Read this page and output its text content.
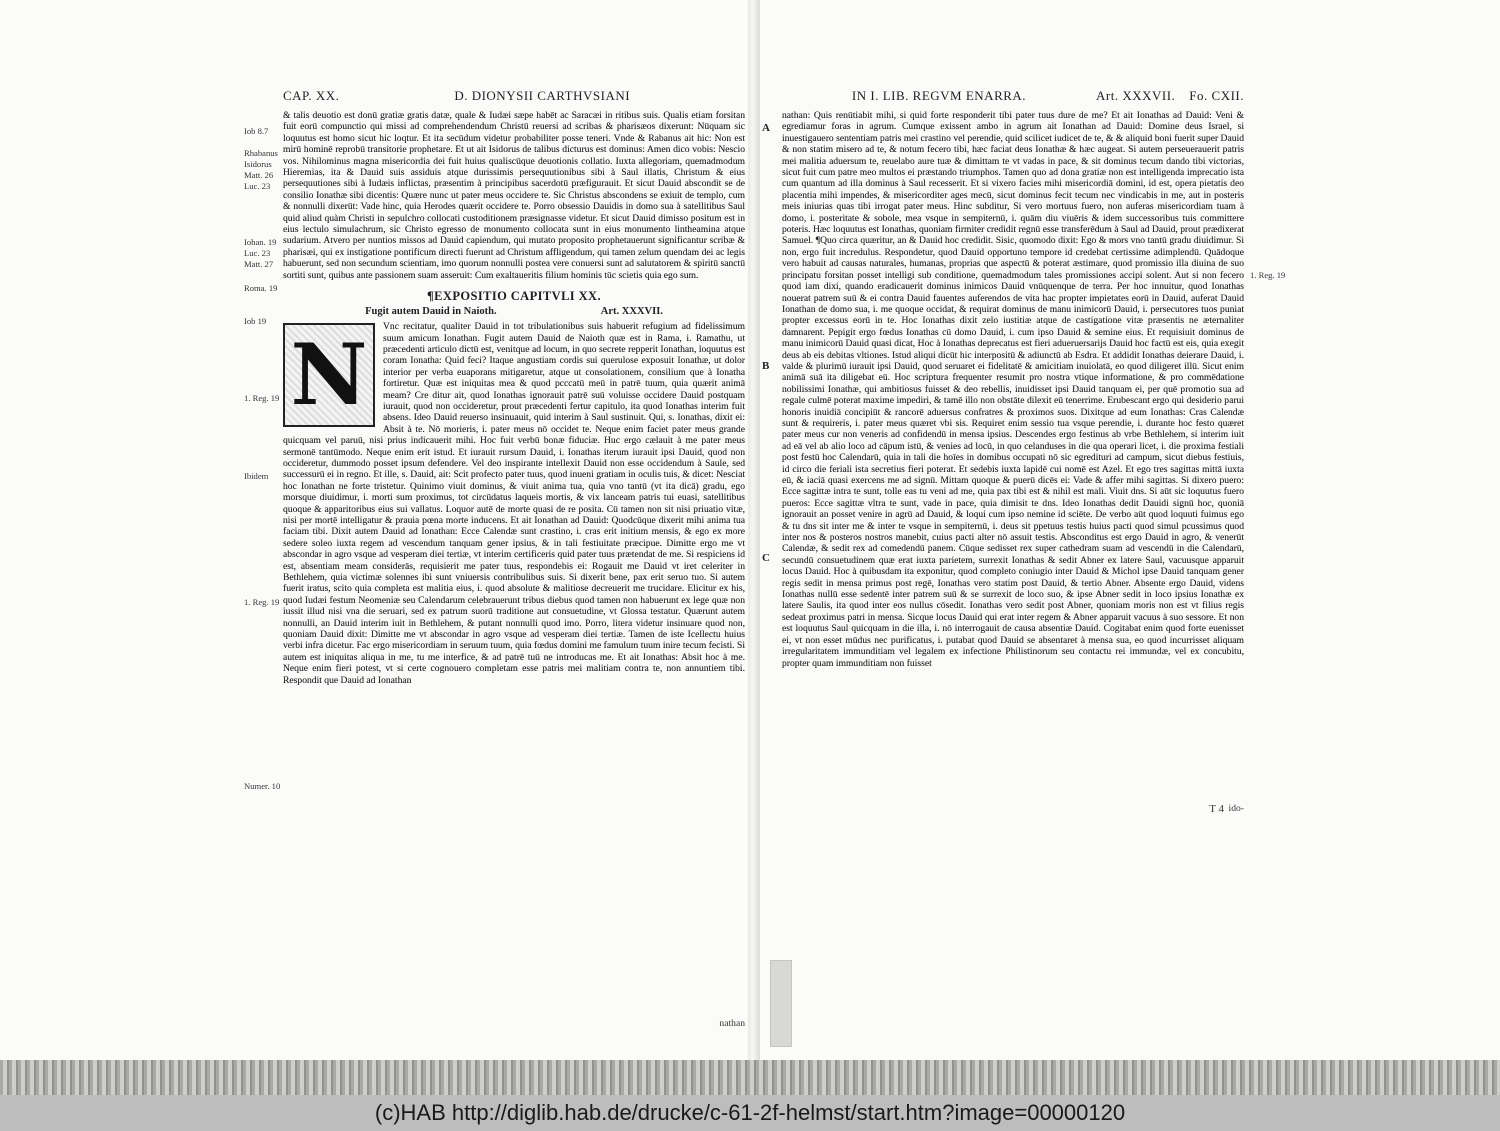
CAP. XX.	D. DIONYSII CARTHVSIANI

& talis deuotio est donū gratiæ gratis datæ, quale & Iudæi sæpe habēt ac Saracæi in ritibus suis. Qualis etiam forsitan fuit eorū compunctio qui missi ad comprehendendum Christū reuersi ad scribas & pharisæos dixerunt: Nūquam sic loquutus est homo sicut hic loqtur. Et ita secūdum videtur probabiliter posse teneri. Vnde & Rabanus ait hic: Non est mirū hominē reprobū transitorie prophetare. Et ut ait Isidorus de talibus dicturus est dominus: Amen dico vobis: Nescio vos. Nihilominus magna misericordia dei fuit huius qualiscūque deuotionis collatio. Iuxta allegoriam, quemadmodum Hieremias, ita & Dauid suis assiduis atque durissimis persequutionibus sibi à Saul illatis, Christum & eius persequutiones sibi à Iudæis inflictas, præsentim à principibus sacerdotū præfigurauit. Et sicut Dauid abscondit se de consilio Ionathæ sibi dicentis: Quære nunc ut pater meus occidere te. Sic Christus abscondens se exiuit de templo, cum & nonnulli dixerūt: Vade hinc, quia Herodes quærit occidere te. Porro obsessio Dauidis in domo sua à satellitibus Saul quid aliud quàm Christi in sepulchro collocati custoditionem præsignasse videtur. Et sicut Dauid dimisso positum est in eius lectulo simulachrum, sic Christo egresso de monumento collocata sunt in eius monumento lintheamina atque sudarium. Atvero per nuntios missos ad Dauid capiendum, qui mutato proposito prophetauerunt significantur scribæ & pharisæi, qui ex instigatione pontificum directi fuerunt ad Christum affligendum, qui tamen zelum quendam dei ac legis habuerunt, sed non secundum scientiam, imo quorum nonnulli postea vere conuersi sunt ad salutatorem & spiritū sanctū sortiti sunt, quibus ante passionem suam asseruit: Cum exaltaueritis filium hominis tūc scietis quia ego sum.

¶EXPOSITIO CAPITVLI XX.
Fugit autem Dauid in Naioth.	Art. XXXVII.
N	Vnc recitatur, qualiter Dauid in tot tribulationibus suis habuerit refugium ad fidelissimum suum amicum Ionathan. Fugit autem Dauid de Naioth quæ est in Rama, i. Ramathu, ut præcedenti articulo dictū est, venitque ad locum, in quo secrete repperit Ionathan, loquutus est coram Ionatha: Quid feci? Itaque angustiam cordis sui querulose exposuit Ionathæ, ut dolor interior per verba euaporans mitigaretur, atque ut consolationem, consilium que à Ionatha fortiretur. Quæ est iniquitas mea & quod pcccatū meū in patrē tuum, quia quærit animā meam? Cre ditur ait, quod Ionathas ignorauit patrē suū voluisse occidere Dauid postquam iurauit, quod non occideretur, prout præcedenti fertur capitulo, ita quod Ionathas interim fuit absens. Ideo Dauid reuerso insinuauit, quid interim à Saul sustinuit. Qui, s. Ionathas, dixit ei: Absit à te. Nō morieris, i. pater meus nō occidet te. Neque enim faciet pater meus grande quicquam vel paruū, nisi prius indicauerit mihi. Hoc fuit verbū bonæ fiduciæ. Huc ergo cælauit à me pater meus sermonē tantūmodo. Neque enim erit istud. Et iurauit rursum Dauid, i. Ionathas iterum iurauit ipsi Dauid, quod non occideretur, dummodo posset ipsum defendere. Vel deo inspirante intellexit Dauid non esse occidendum à Saule, sed successurū ei in regno. Et ille, s. Dauid, ait: Scit profecto pater tuus, quod inueni gratiam in oculis tuis, & dicet: Nesciat hoc Ionathan ne forte tristetur. Quinimo viuit dominus, & viuit anima tua, quia vno tantū (vt ita dicā) gradu, ego morsque diuidimur, i. morti sum proximus, tot circūdatus laqueis mortis, & vix lanceam patris tui euasi, satellitibus quoque & apparitoribus eius sui vallatus. Loquor autē de morte quasi de re posita. Cū tamen non sit nisi priuatio vitæ, nisi per mortē intelligatur & prauia pœna morte inducens. Et ait Ionathan ad Dauid: Quodcūque dixerit mihi anima tua faciam tibi. Dixit autem Dauid ad Ionathan: Ecce Calendæ sunt crastino, i. cras erit initium mensis, & ego ex more sedere soleo iuxta regem ad vescendum tanquam gener ipsius, & in tali festiuitate præcipue. Dimitte ergo me vt abscondar in agro vsque ad vesperam diei tertiæ, vt interim certificeris quid pater tuus prætendat de me. Si respiciens id est, absentiam meam considerās, requisierit me pater tuus, respondebis ei: Rogauit me Dauid vt iret celeriter in Bethlehem, quia victimæ solennes ibi sunt vniuersis contribulibus suis. Si dixerit bene, pax erit seruo tuo. Si autem fuerit iratus, scito quia completa est malitia eius, i. quod absolute & malitiose decreuerit me trucidare. Elicitur ex his, quod Iudæi festum Neomeniæ seu Calendarum celebrauerunt tribus diebus quod tamen non habuerunt ex lege quæ non iussit illud nisi vna die seruari, sed ex patrum suorū traditione aut consuetudine, vt Glossa testatur. Quærunt autem nonnulli, an Dauid interim iuit in Bethlehem, & putant nonnulli quod imo. Porro, litera videtur insinuare quod non, quoniam Dauid dixit: Dimitte me vt abscondar in agro vsque ad vesperam diei tertiæ. Tamen de iste Icellectu huius verbi infra dicetur. Fac ergo misericordiam in seruum tuum, quia fœdus domini me famulum tuum inire tecum fecisti. Si autem est iniquitas aliqua in me, tu me interfice, & ad patrē tuū ne introducas me. Et ait Ionathas: Absit hoc à me. Neque enim fieri potest, vt si certe cognouero completam esse patris mei malitiam contra te, non annuntiem tibi. Respondit que Dauid ad Ionathan

nathan
Iob 8.7
Rhabanus
Isidorus
Matt. 26
Luc. 23
Iohan. 19
Luc. 23
Matt. 27
Roma. 19
Iob 19
1. Reg. 19
Ibidem
1. Reg. 19
Numer. 10
IN I. LIB. REGVM ENARRA.	Art. XXXVII. Fo. CXII.

nathan: Quis renūtiabit mihi, si quid forte responderit tibi pater tuus dure de me? Et ait Ionathas ad Dauid: Veni & egrediamur foras in agrum. Cumque exissent ambo in agrum ait Ionathan ad Dauid: Domine deus Israel, si inuestigauero sententiam patris mei crastino vel perendie, quid scilicet iudicet de te, & & aliquid boni fuerit super Dauid & non statim misero ad te, & notum fecero tibi, hæc faciat deus Ionathæ & hæc augeat. Si autem perseuerauerit patris mei malitia aduersum te, reuelabo aure tuæ & dimittam te vt vadas in pace, & sit dominus tecum dando tibi victorias, sicut fuit cum patre meo multos ei præstando triumphos. Tamen quo ad dona gratiæ non est intelligenda imprecatio ista cum quantum ad illa dominus à Saul recesserit. Et si vixero facies mihi misericordiā domini, id est, opera pietatis deo placentia mihi impendes, & misericorditer ages mecū, sicut dominus fecit tecum nec vindicabis in me, aut in posteris meis iniurias quas tibi irrogat pater meus. Hinc subditur, Si vero mortuus fuero, non auferas misericordiam tuam à domo, i. posteritate & sobole, mea vsque in sempiternū, i. quām diu viuēris & idem successoribus tuis committere poteris. Hæc loquutus est Ionathas, quoniam firmiter credidit regnū esse transferēdum à Saul ad Dauid, prout prædixerat Samuel. ¶Quo circa quæritur, an & Dauid hoc credidit. Sisic, quomodo dixit: Ego & mors vno tantū gradu diuidimur. Si non, ergo fuit incredulus. Respondetur, quod Dauid opportuno tempore id credebat certissime adimplendū. Quādoque vero habuit ad causas naturales, humanas, proprias que aspectū & poterat æstimare, quod promissio illa diuina de suo principatu forsitan posset intelligi sub conditione, quemadmodum tales promissiones accipi solent. Aut si non fecero quod iam dixi, quando eradicauerit dominus inimicos Dauid vnūquenque de terra. Per hoc innuitur, quod Ionathas nouerat patrem suū & ei contra Dauid fauentes auferendos de vita hac propter impietates eorū in Dauid, auferat Dauid Ionathan de domo sua, i. me quoque occidat, & requirat dominus de manu inimicorū Dauid, i. persecutores tuos puniat propter excessus eorū in te. Hoc Ionathas dixit zelo iustitiæ atque de castigatione vitæ præsentis ne æternaliter damnarent. Pepigit ergo fœdus Ionathas cū domo Dauid, i. cum ipso Dauid & semine eius. Et requisiuit dominus de manu inimicorū Dauid quasi dicat, Hoc à Ionathas deprecatus est fieri adueruersarijs Dauid hoc factū est eis, quia exegit deus ab eis debitas vltiones. Istud aliqui dicūt hic interpositū & adiunctū ab Esdra. Et addidit Ionathas deierare Dauid, i. valde & plurimū iurauit ipsi Dauid, quod seruaret ei fidelitatē & amicitiam inuiolatā, eo quod diligeret illū. Sicut enim animā suā ita diligebat eū. Hoc scriptura frequenter resumit pro nostra vtique informatione, & pro commēdatione nobilissimi Ionathæ, qui ambitiosus fuisset & deo rebellis, inuidisset ipsi Dauid tanquam ei, per quē promotio sua ad regale culmē poterat maxime impediri, & tamē illo non obstāte dilexit eū tenerrime. Erubescant ergo qui desiderio parui honoris inuidiā concipiūt & rancorē aduersus confratres & proximos suos. Dixitque ad eum Ionathas: Cras Calendæ sunt & requireris, i. pater meus quæret vbi sis. Requiret enim sessio tua vsque perendie, i. durante hoc festo quæret pater meus cur non veneris ad confidendū in mensa ipsius. Descendes ergo festinus ab vrbe Bethlehem, si interim iuit ad eā vel ab alio loco ad cāpum istū, & venies ad locū, in quo celanduses in die qua operari licet, i. die proxima festiali post festū hoc Calendarū, quia in tali die hoīes in domibus occupati nō sic egredituri ad campum, sicut diebus festiuis, id circo die feriali ista secretius fieri poterat. Et sedebis iuxta lapidē cui nomē est Azel. Et ego tres sagittas mittā iuxta eū, & iaciā quasi exercens me ad signū. Mittam quoque & puerū dicēs ei: Vade & affer mihi sagittas. Si dixero puero: Ecce sagittæ intra te sunt, tolle eas tu veni ad me, quia pax tibi est & nihil est mali. Viuit dns. Si aūt sic loquutus fuero pueros: Ecce sagittæ vltra te sunt, vade in pace, quia dimisit te dns. Ideo Ionathas dedit Dauidi signū hoc, quoniā ignorauit an posset venire in agrū ad Dauid, & loqui cum ipso nemine id sciēte. De verbo aūt quod loquuti fuimus ego & tu dns sit inter me & inter te vsque in sempiternū, i. deus sit ppetuus testis huius pacti quod simul pcussimus quod inter nos & posteros nostros manebit, cuius pacti alter nō assuit testis. Absconditus est ergo Dauid in agro, & venerūt Calendæ, & sedit rex ad comedendū panem. Cūque sedisset rex super cathedram suam ad vescendū in die Calendarū, secundū consuetudinem quæ erat iuxta parietem, surrexit Ionathas & sedit Abner ex latere Saul, vacuusque apparuit locus Dauid. Hoc à quibusdam ita exponitur, quod completo coniugio inter Dauid & Michol ipse Dauid tanquam gener regis sedit in mensa primus post regē, Ionathas vero statim post Dauid, & tertio Abner. Absente ergo Dauid, videns Ionathas nullū esse sedentē inter patrem suū & se surrexit de loco suo, & ipse Abner sedit in loco ipsius Ionathæ ex latere Saulis, ita quod inter eos nullus cōsedit. Ionathas vero sedit post Abner, quoniam moris non est vt filius regis sedeat proximus patri in mensa. Sicque locus Dauid qui erat inter regem & Abner apparuit vacuus à suo sessore. Et non est loquutus Saul quicquam in die illa, i. nō interrogauit de causa absentiæ Dauid. Cogitabat enim quod forte euenisset ei, vt non esset mūdus nec purificatus, i. putabat quod Dauid se absentaret à mensa sua, eo quod incurrisset aliquam irregularitatem immunditiam vel legalem ex infectione Philistinorum seu contactu rei immundæ, vel ex concubitu, propter quam immunditiam non fuisset

T 4 ido-
A
B
C
1. Reg. 19
(c)HAB http://diglib.hab.de/drucke/c-61-2f-helmst/start.htm?image=00000120
